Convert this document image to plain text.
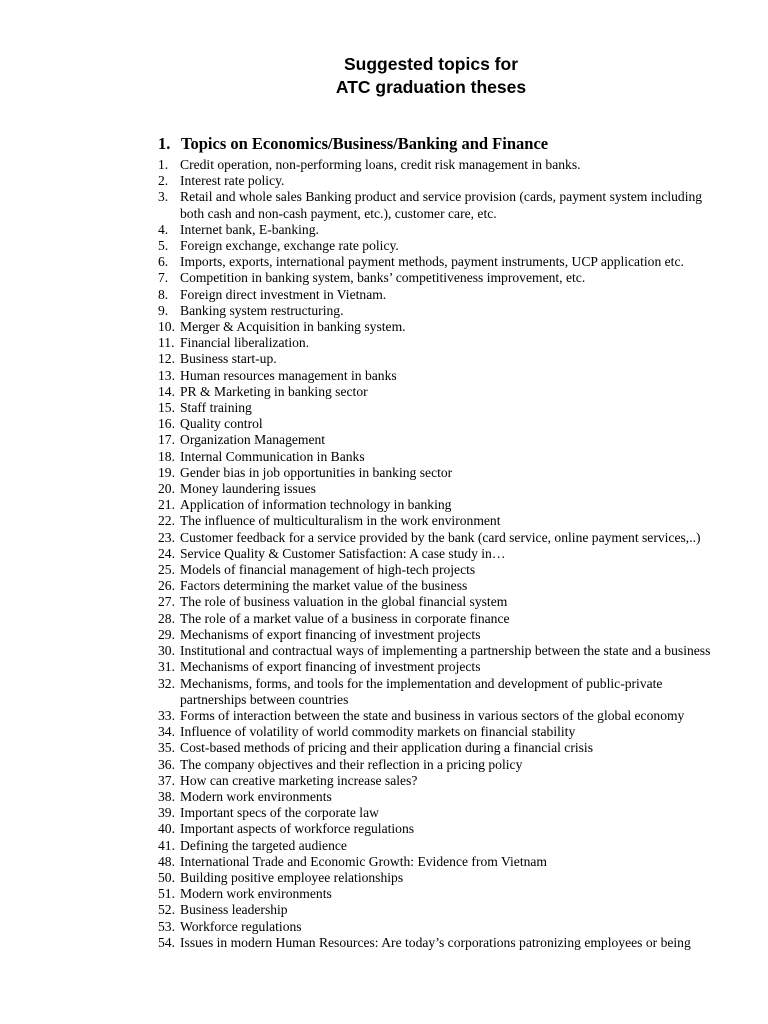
Suggested topics for
ATC graduation theses
1. Topics on Economics/Business/Banking and Finance
1. Credit operation, non-performing loans, credit risk management in banks.
2. Interest rate policy.
3. Retail and whole sales Banking product and service provision (cards, payment system including both cash and non-cash payment, etc.), customer care, etc.
4. Internet bank, E-banking.
5. Foreign exchange, exchange rate policy.
6. Imports, exports, international payment methods, payment instruments, UCP application etc.
7. Competition in banking system, banks’ competitiveness improvement, etc.
8. Foreign direct investment in Vietnam.
9. Banking system restructuring.
10. Merger & Acquisition in banking system.
11. Financial liberalization.
12. Business start-up.
13. Human resources management in banks
14. PR & Marketing in banking sector
15. Staff training
16. Quality control
17. Organization Management
18. Internal Communication in Banks
19. Gender bias in job opportunities in banking sector
20. Money laundering issues
21. Application of information technology in banking
22. The influence of multiculturalism in the work environment
23. Customer feedback for a service provided by the bank (card service, online payment services,..)
24. Service Quality & Customer Satisfaction: A case study in…
25. Models of financial management of high-tech projects
26. Factors determining the market value of the business
27. The role of business valuation in the global financial system
28. The role of a market value of a business in corporate finance
29. Mechanisms of export financing of investment projects
30. Institutional and contractual ways of implementing a partnership between the state and a business
31. Mechanisms of export financing of investment projects
32. Mechanisms, forms, and tools for the implementation and development of public-private partnerships between countries
33. Forms of interaction between the state and business in various sectors of the global economy
34. Influence of volatility of world commodity markets on financial stability
35. Cost-based methods of pricing and their application during a financial crisis
36. The company objectives and their reflection in a pricing policy
37. How can creative marketing increase sales?
38. Modern work environments
39. Important specs of the corporate law
40. Important aspects of workforce regulations
41. Defining the targeted audience
48. International Trade and Economic Growth: Evidence from Vietnam
50. Building positive employee relationships
51. Modern work environments
52. Business leadership
53. Workforce regulations
54. Issues in modern Human Resources: Are today’s corporations patronizing employees or being
